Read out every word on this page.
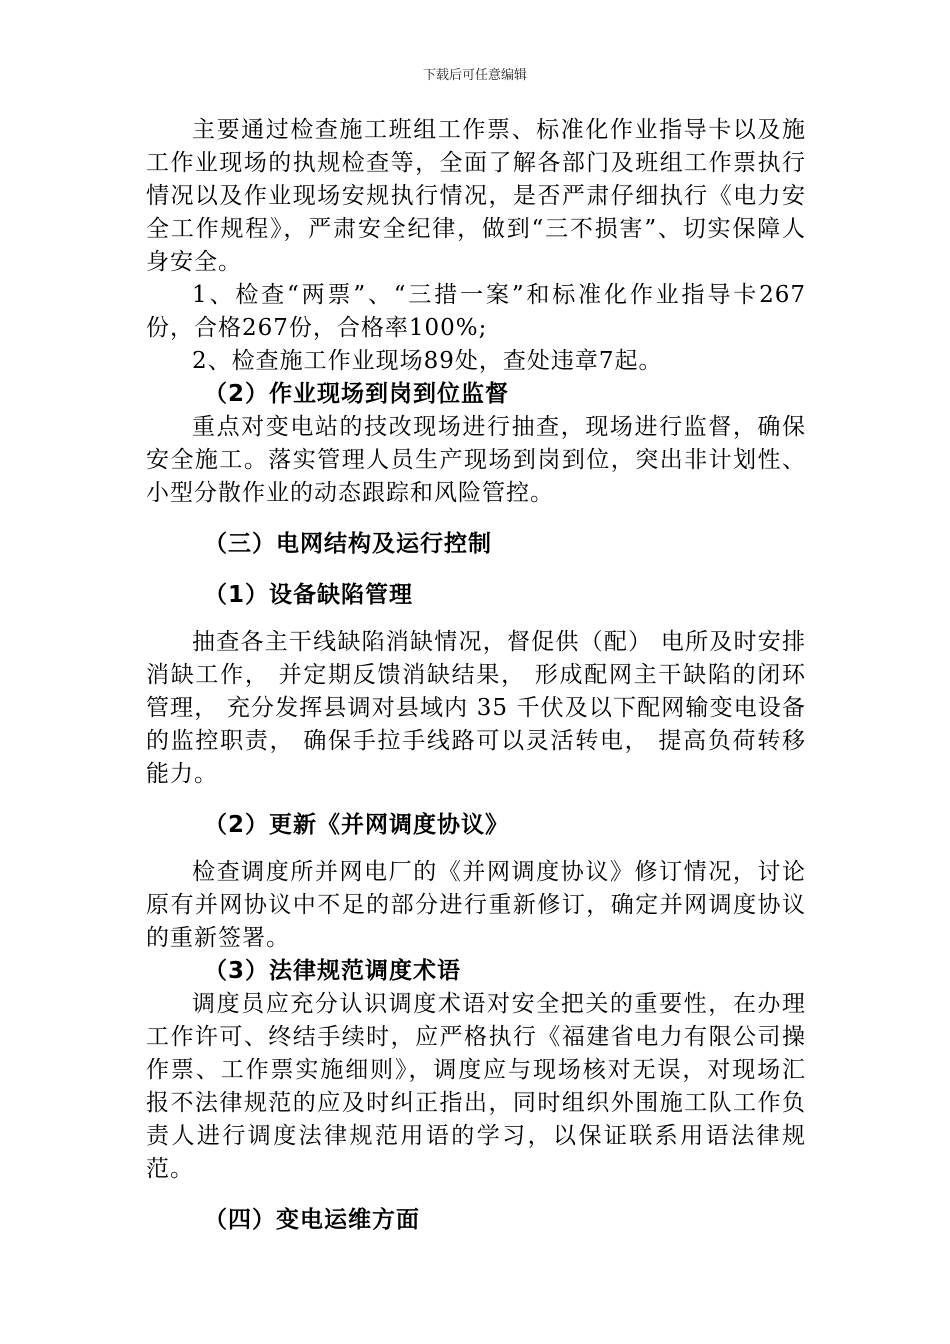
下载后可任意编辑

主要通过检查施工班组工作票、标准化作业指导卡以及施工作业现场的执规检查等，全面了解各部门及班组工作票执行情况以及作业现场安规执行情况，是否严肃仔细执行《电力安全工作规程》，严肃安全纪律，做到“三不损害”、切实保障人身安全。

1、检查“两票”、“三措一案”和标准化作业指导卡267份，合格267份，合格率100%;

2、检查施工作业现场89处，查处违章7起。

（2）作业现场到岗到位监督

重点对变电站的技改现场进行抽查，现场进行监督，确保安全施工。落实管理人员生产现场到岗到位，突出非计划性、小型分散作业的动态跟踪和风险管控。

（三）电网结构及运行控制
（1）设备缺陷管理

抽查各主干线缺陷消缺情况，督促供（配） 电所及时安排消缺工作， 并定期反馈消缺结果， 形成配网主干缺陷的闭环管理， 充分发挥县调对县域内 35 千伏及以下配网输变电设备的监控职责， 确保手拉手线路可以灵活转电， 提高负荷转移能力。

（2）更新《并网调度协议》

检查调度所并网电厂的《并网调度协议》修订情况，讨论原有并网协议中不足的部分进行重新修订，确定并网调度协议的重新签署。

（3）法律规范调度术语

调度员应充分认识调度术语对安全把关的重要性，在办理工作许可、终结手续时，应严格执行《福建省电力有限公司操作票、工作票实施细则》，调度应与现场核对无误，对现场汇报不法律规范的应及时纠正指出，同时组织外围施工队工作负责人进行调度法律规范用语的学习，以保证联系用语法律规范。

（四）变电运维方面
